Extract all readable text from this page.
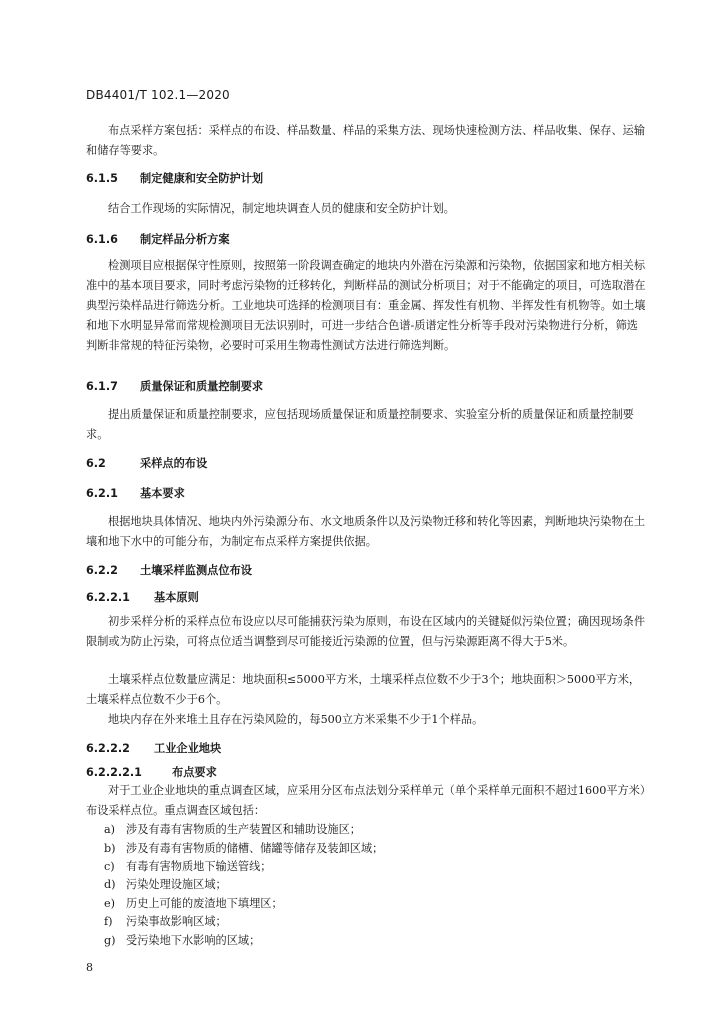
DB4401/T 102.1—2020

布点采样方案包括：采样点的布设、样品数量、样品的采集方法、现场快速检测方法、样品收集、保存、运输和储存等要求。

6.1.5 制定健康和安全防护计划

结合工作现场的实际情况，制定地块调查人员的健康和安全防护计划。

6.1.6 制定样品分析方案

检测项目应根据保守性原则，按照第一阶段调查确定的地块内外潜在污染源和污染物，依据国家和地方相关标准中的基本项目要求，同时考虑污染物的迁移转化，判断样品的测试分析项目；对于不能确定的项目，可选取潜在典型污染样品进行筛选分析。工业地块可选择的检测项目有：重金属、挥发性有机物、半挥发性有机物等。如土壤和地下水明显异常而常规检测项目无法识别时，可进一步结合色谱-质谱定性分析等手段对污染物进行分析，筛选判断非常规的特征污染物，必要时可采用生物毒性测试方法进行筛选判断。

6.1.7 质量保证和质量控制要求

提出质量保证和质量控制要求，应包括现场质量保证和质量控制要求、实验室分析的质量保证和质量控制要求。

6.2	采样点的布设
6.2.1 基本要求

根据地块具体情况、地块内外污染源分布、水文地质条件以及污染物迁移和转化等因素，判断地块污染物在土壤和地下水中的可能分布，为制定布点采样方案提供依据。

6.2.2 土壤采样监测点位布设
6.2.2.1 基本原则

初步采样分析的采样点位布设应以尽可能捕获污染为原则，布设在区域内的关键疑似污染位置；确因现场条件限制或为防止污染，可将点位适当调整到尽可能接近污染源的位置，但与污染源距离不得大于5米。

土壤采样点位数量应满足：地块面积≤5000平方米，土壤采样点位数不少于3个；地块面积＞5000平方米，土壤采样点位数不少于6个。

地块内存在外来堆土且存在污染风险的，每500立方米采集不少于1个样品。

6.2.2.2 工业企业地块
6.2.2.2.1	布点要求

对于工业企业地块的重点调查区域，应采用分区布点法划分采样单元（单个采样单元面积不超过1600平方米）布设采样点位。重点调查区域包括：

a) 涉及有毒有害物质的生产装置区和辅助设施区；
b) 涉及有毒有害物质的储槽、储罐等储存及装卸区域；
c) 有毒有害物质地下输送管线；
d) 污染处理设施区域；
e) 历史上可能的废渣地下填埋区；
f) 污染事故影响区域；
g) 受污染地下水影响的区域；
8
